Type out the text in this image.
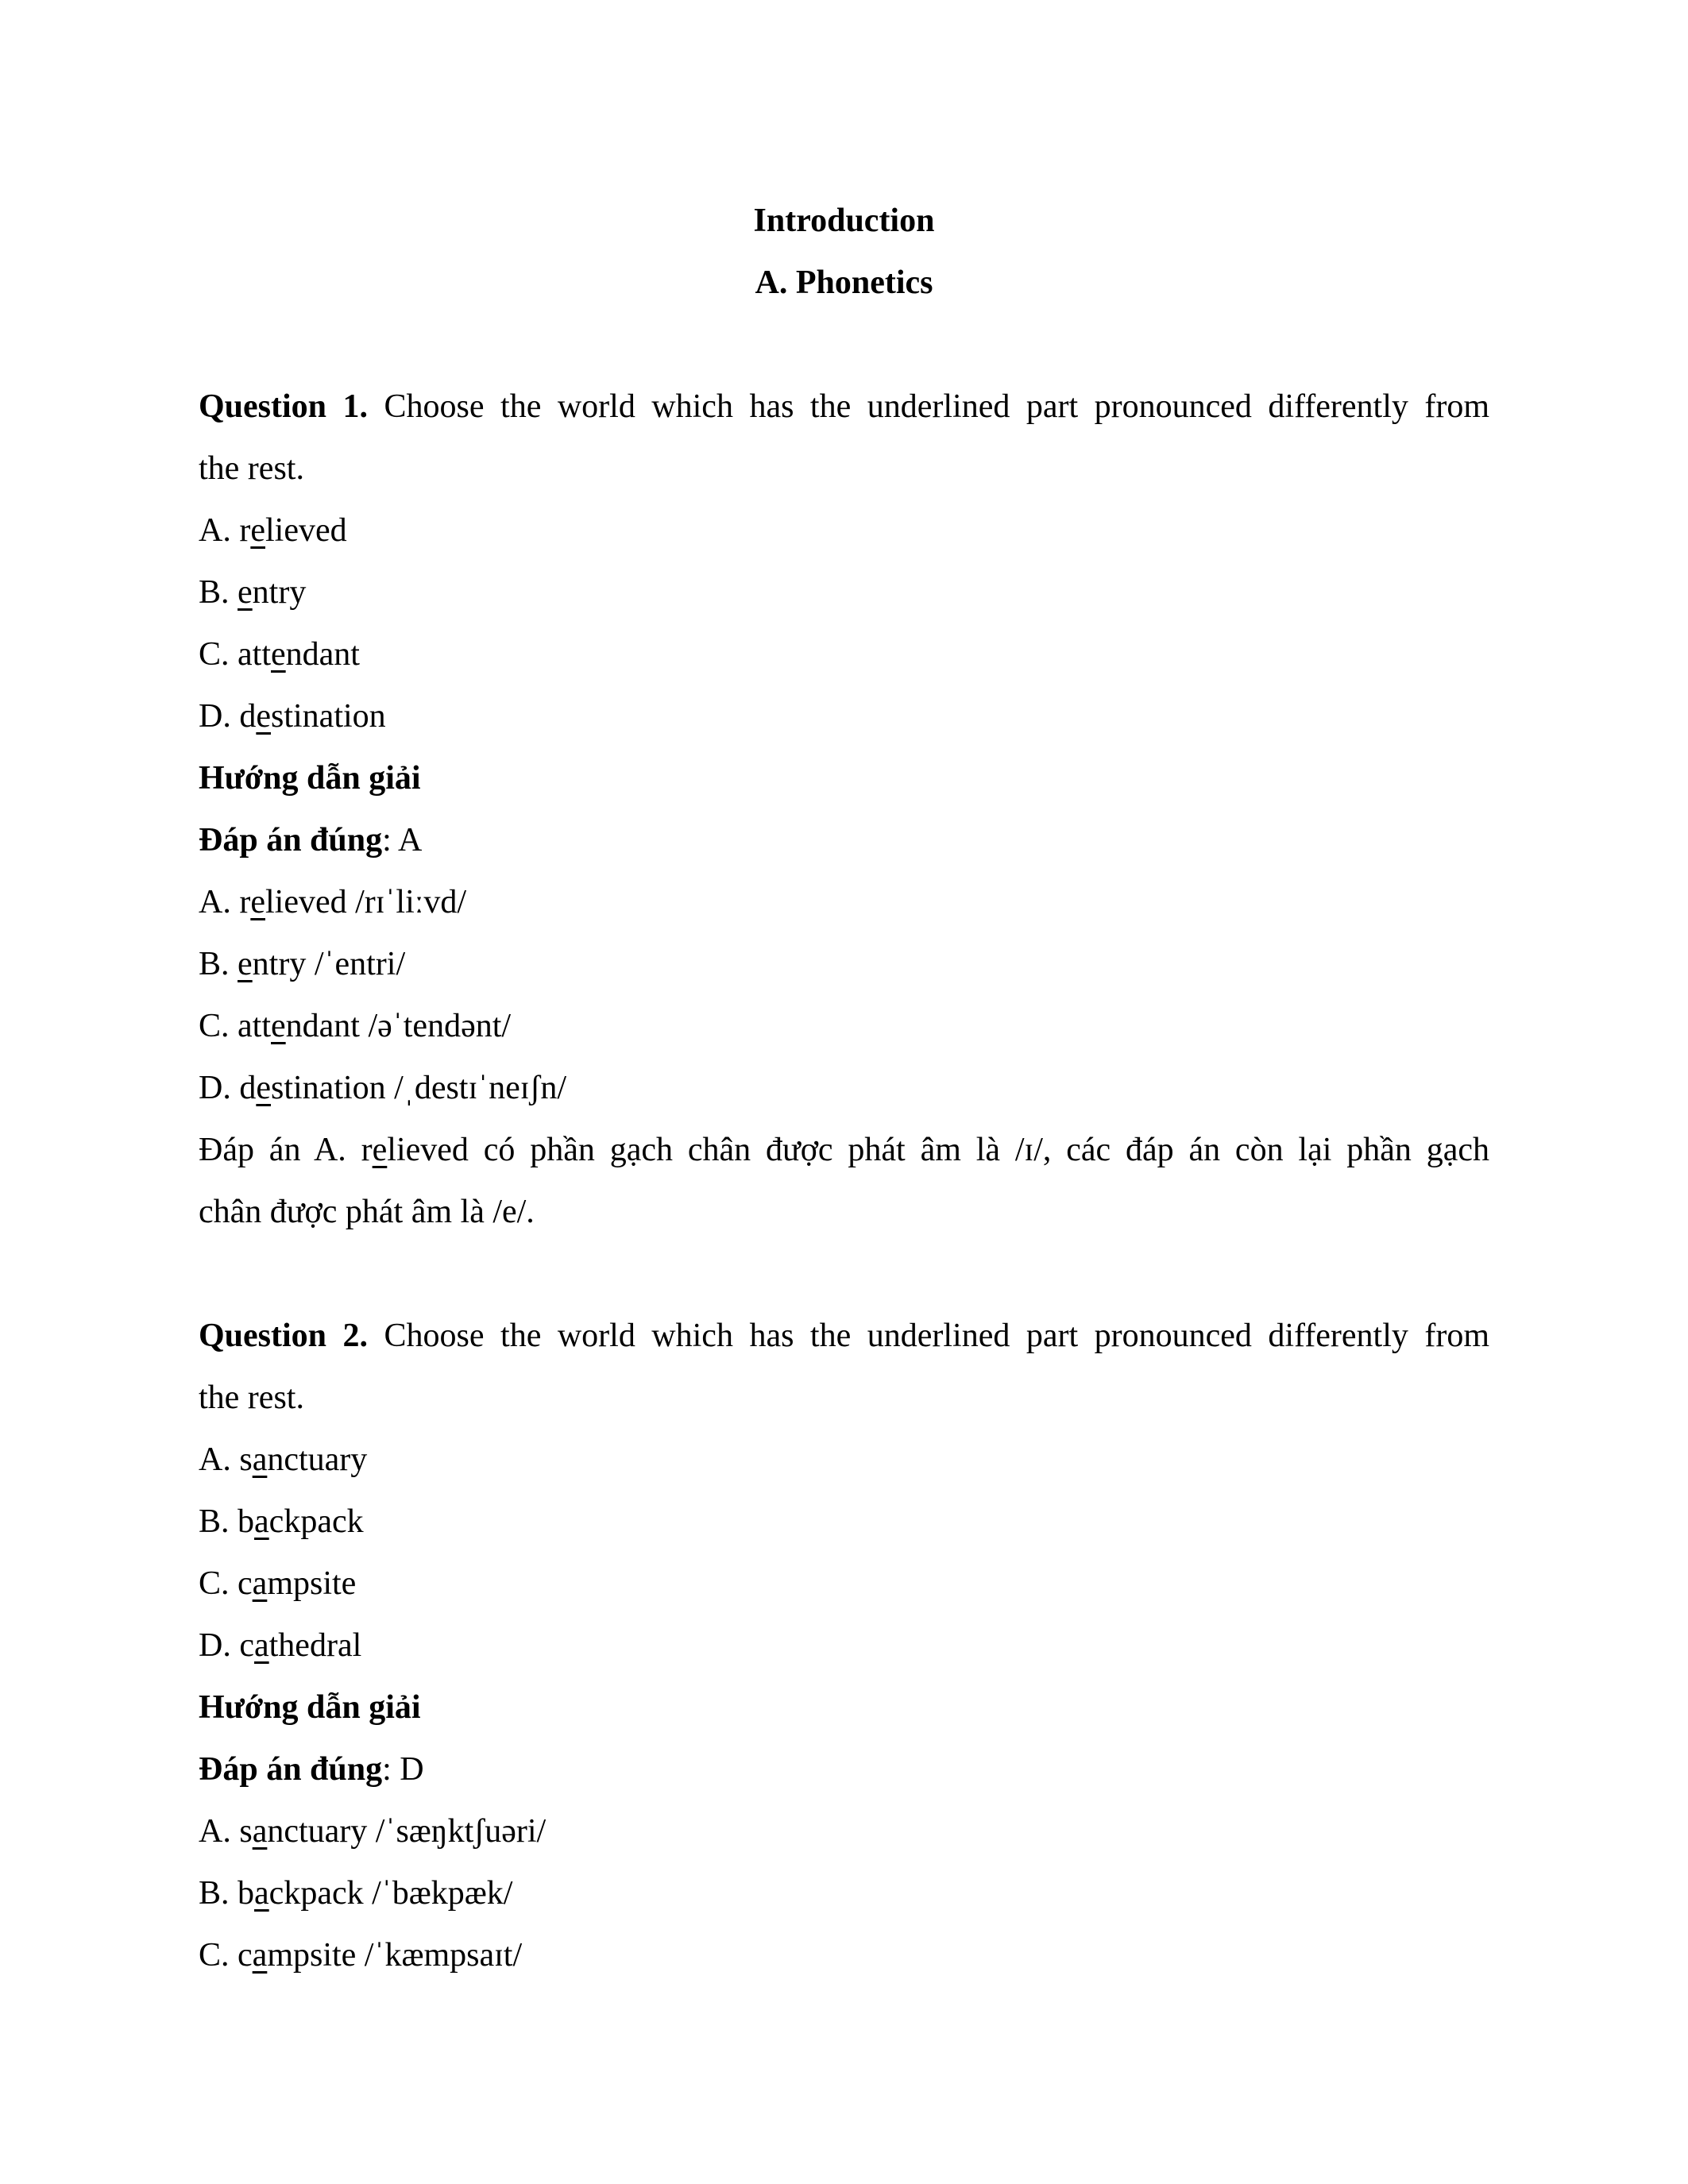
Introduction
A. Phonetics
Question 1. Choose the world which has the underlined part pronounced differently from
the rest.
A. relieved
B. entry
C. attendant
D. destination
Hướng dẫn giải
Đáp án đúng: A
A. relieved /rɪˈliːvd/
B. entry /ˈentri/
C. attendant /əˈtendənt/
D. destination /ˌdestɪˈneɪʃn/
Đáp án A. relieved có phần gạch chân được phát âm là /ɪ/, các đáp án còn lại phần gạch
chân được phát âm là /e/.
Question 2. Choose the world which has the underlined part pronounced differently from
the rest.
A. sanctuary
B. backpack
C. campsite
D. cathedral
Hướng dẫn giải
Đáp án đúng: D
A. sanctuary /ˈsæŋktʃuəri/
B. backpack /ˈbækpæk/
C. campsite /ˈkæmpsaɪt/
